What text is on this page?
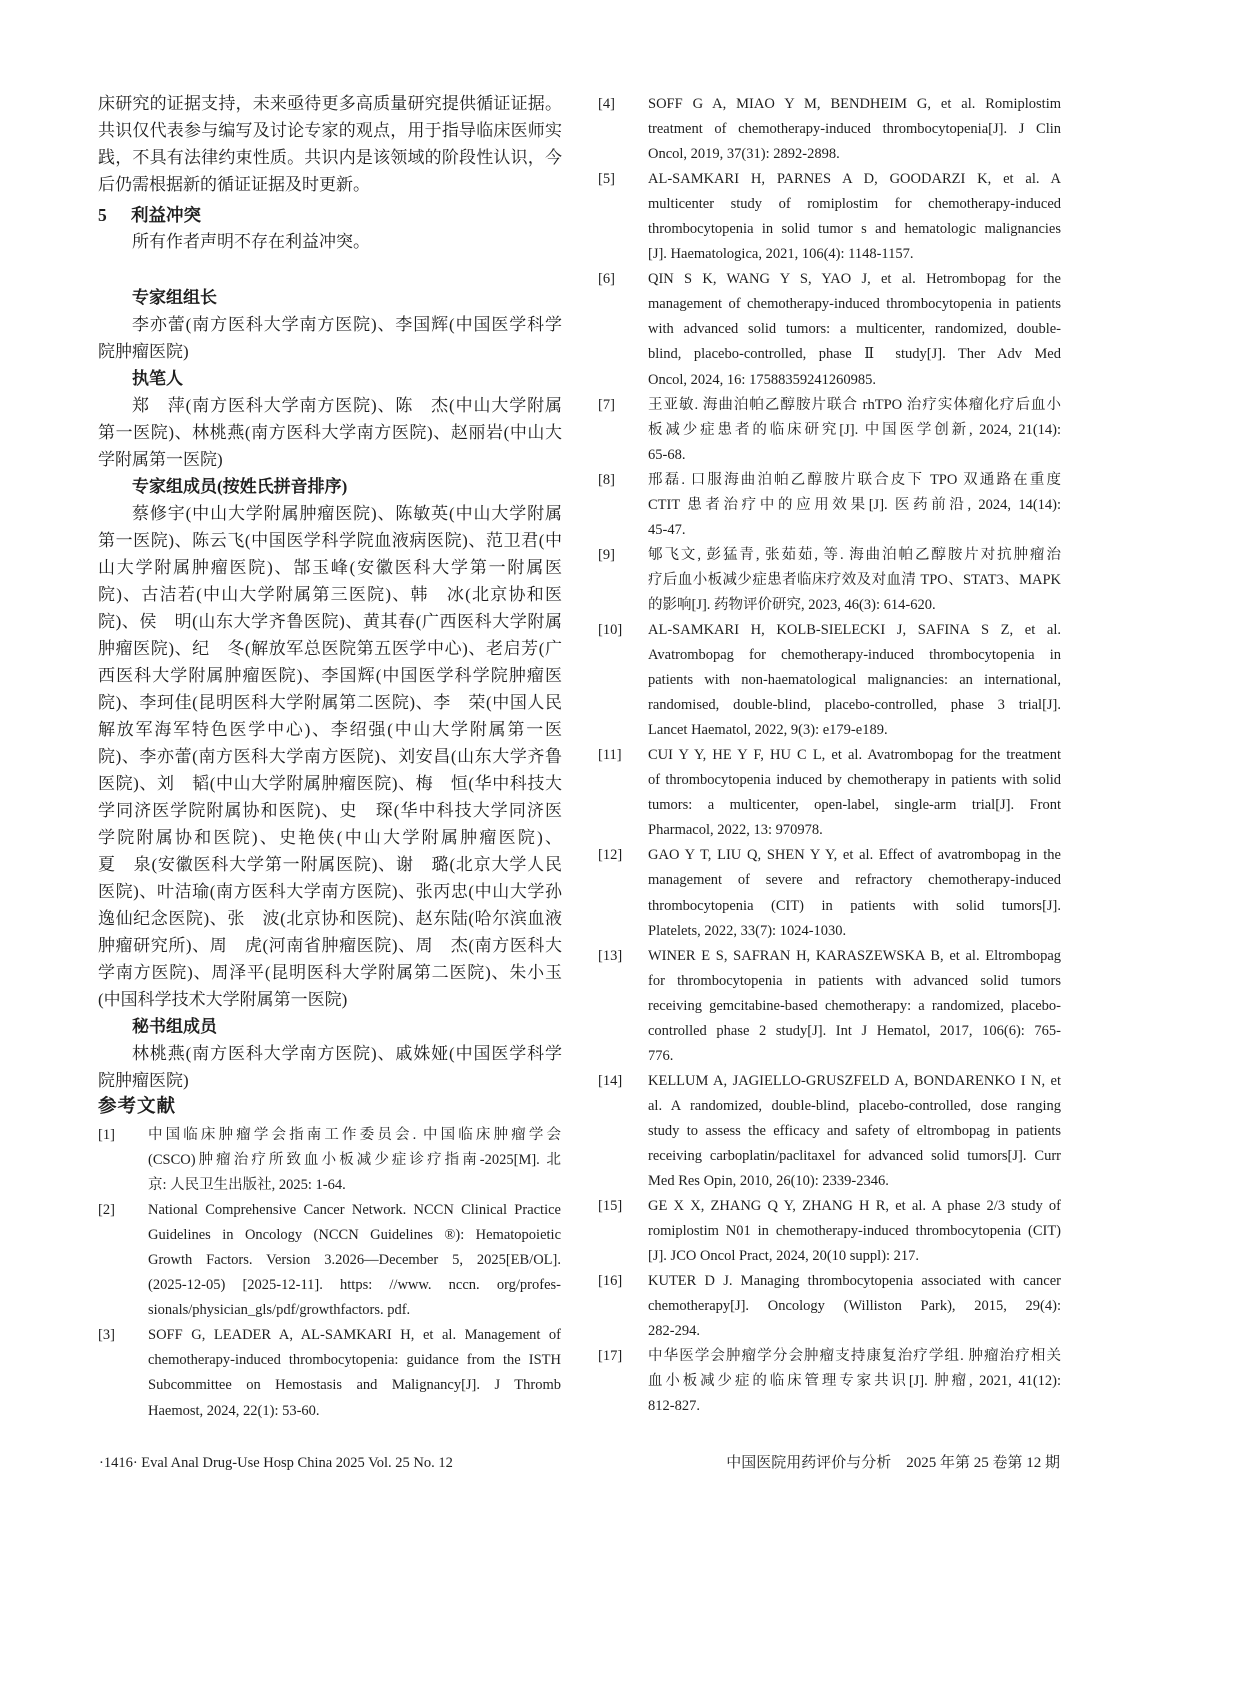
床研究的证据支持，未来亟待更多高质量研究提供循证证据。
共识仅代表参与编写及讨论专家的观点，用于指导临床医师实
践，不具有法律约束性质。共识内是该领域的阶段性认识，今
后仍需根据新的循证证据及时更新。
5 利益冲突
所有作者声明不存在利益冲突。
专家组组长
李亦蕾(南方医科大学南方医院)、李国辉(中国医学科学
院肿瘤医院)
执笔人
郑　萍(南方医科大学南方医院)、陈　杰(中山大学附属
第一医院)、林桃燕(南方医科大学南方医院)、赵丽岩(中山大
学附属第一医院)
专家组成员(按姓氏拼音排序)
蔡修宇(中山大学附属肿瘤医院)、陈敏英(中山大学附属
第一医院)、陈云飞(中国医学科学院血液病医院)、范卫君(中
山大学附属肿瘤医院)、郜玉峰(安徽医科大学第一附属医
院)、古洁若(中山大学附属第三医院)、韩　冰(北京协和医
院)、侯　明(山东大学齐鲁医院)、黄其春(广西医科大学附属
肿瘤医院)、纪　冬(解放军总医院第五医学中心)、老启芳(广
西医科大学附属肿瘤医院)、李国辉(中国医学科学院肿瘤医
院)、李珂佳(昆明医科大学附属第二医院)、李　荣(中国人民
解放军海军特色医学中心)、李绍强(中山大学附属第一医
院)、李亦蕾(南方医科大学南方医院)、刘安昌(山东大学齐鲁
医院)、刘　韬(中山大学附属肿瘤医院)、梅　恒(华中科技大
学同济医学院附属协和医院)、史　琛(华中科技大学同济医
学院附属协和医院)、史艳侠(中山大学附属肿瘤医院)、
夏　泉(安徽医科大学第一附属医院)、谢　璐(北京大学人民
医院)、叶洁瑜(南方医科大学南方医院)、张丙忠(中山大学孙
逸仙纪念医院)、张　波(北京协和医院)、赵东陆(哈尔滨血液
肿瘤研究所)、周　虎(河南省肿瘤医院)、周　杰(南方医科大
学南方医院)、周泽平(昆明医科大学附属第二医院)、朱小玉
(中国科学技术大学附属第一医院)
秘书组成员
林桃燕(南方医科大学南方医院)、戚姝娅(中国医学科学
院肿瘤医院)
参考文献
[1]	中国临床肿瘤学会指南工作委员会. 中国临床肿瘤学会
(CSCO)肿瘤治疗所致血小板减少症诊疗指南-2025[M]. 北
京: 人民卫生出版社, 2025: 1-64.
[2]	National Comprehensive Cancer Network. NCCN Clinical Practice
Guidelines in Oncology (NCCN Guidelines ®): Hematopoietic
Growth Factors. Version 3.2026—December 5, 2025[EB/OL].
(2025-12-05) [2025-12-11]. https: //www. nccn. org/profes-
sionals/physician_gls/pdf/growthfactors. pdf.
[3]	SOFF G, LEADER A, AL-SAMKARI H, et al. Management of
chemotherapy-induced thrombocytopenia: guidance from the ISTH
Subcommittee on Hemostasis and Malignancy[J]. J Thromb
Haemost, 2024, 22(1): 53-60.
[4]	SOFF G A, MIAO Y M, BENDHEIM G, et al. Romiplostim
treatment of chemotherapy-induced thrombocytopenia[J]. J Clin
Oncol, 2019, 37(31): 2892-2898.
[5]	AL-SAMKARI H, PARNES A D, GOODARZI K, et al. A
multicenter study of romiplostim for chemotherapy-induced
thrombocytopenia in solid tumor s and hematologic malignancies
[J]. Haematologica, 2021, 106(4): 1148-1157.
[6]	QIN S K, WANG Y S, YAO J, et al. Hetrombopag for the
management of chemotherapy-induced thrombocytopenia in patients
with advanced solid tumors: a multicenter, randomized, double-
blind, placebo-controlled, phase Ⅱ study[J]. Ther Adv Med
Oncol, 2024, 16: 17588359241260985.
[7]	王亚敏. 海曲泊帕乙醇胺片联合 rhTPO 治疗实体瘤化疗后血小
板减少症患者的临床研究[J]. 中国医学创新, 2024, 21(14):
65-68.
[8]	邢磊. 口服海曲泊帕乙醇胺片联合皮下 TPO 双通路在重度
CTIT 患者治疗中的应用效果[J]. 医药前沿, 2024, 14(14):
45-47.
[9]	郇飞文, 彭猛青, 张茹茹, 等. 海曲泊帕乙醇胺片对抗肿瘤治
疗后血小板减少症患者临床疗效及对血清 TPO、STAT3、MAPK
的影响[J]. 药物评价研究, 2023, 46(3): 614-620.
[10]	AL-SAMKARI H, KOLB-SIELECKI J, SAFINA S Z, et al.
Avatrombopag for chemotherapy-induced thrombocytopenia in
patients with non-haematological malignancies: an international,
randomised, double-blind, placebo-controlled, phase 3 trial[J].
Lancet Haematol, 2022, 9(3): e179-e189.
[11]	CUI Y Y, HE Y F, HU C L, et al. Avatrombopag for the treatment
of thrombocytopenia induced by chemotherapy in patients with solid
tumors: a multicenter, open-label, single-arm trial[J]. Front
Pharmacol, 2022, 13: 970978.
[12]	GAO Y T, LIU Q, SHEN Y Y, et al. Effect of avatrombopag in the
management of severe and refractory chemotherapy-induced
thrombocytopenia (CIT) in patients with solid tumors[J].
Platelets, 2022, 33(7): 1024-1030.
[13]	WINER E S, SAFRAN H, KARASZEWSKA B, et al. Eltrombopag
for thrombocytopenia in patients with advanced solid tumors
receiving gemcitabine-based chemotherapy: a randomized, placebo-
controlled phase 2 study[J]. Int J Hematol, 2017, 106(6): 765-
776.
[14]	KELLUM A, JAGIELLO-GRUSZFELD A, BONDARENKO I N, et
al. A randomized, double-blind, placebo-controlled, dose ranging
study to assess the efficacy and safety of eltrombopag in patients
receiving carboplatin/paclitaxel for advanced solid tumors[J]. Curr
Med Res Opin, 2010, 26(10): 2339-2346.
[15]	GE X X, ZHANG Q Y, ZHANG H R, et al. A phase 2/3 study of
romiplostim N01 in chemotherapy-induced thrombocytopenia (CIT)
[J]. JCO Oncol Pract, 2024, 20(10 suppl): 217.
[16]	KUTER D J. Managing thrombocytopenia associated with cancer
chemotherapy[J]. Oncology (Williston Park), 2015, 29(4):
282-294.
[17]	中华医学会肿瘤学分会肿瘤支持康复治疗学组. 肿瘤治疗相关
血小板减少症的临床管理专家共识[J]. 肿瘤, 2021, 41(12):
812-827.
·1416· Eval Anal Drug-Use Hosp China 2025 Vol. 25 No. 12	中国医院用药评价与分析　2025 年第 25 卷第 12 期
